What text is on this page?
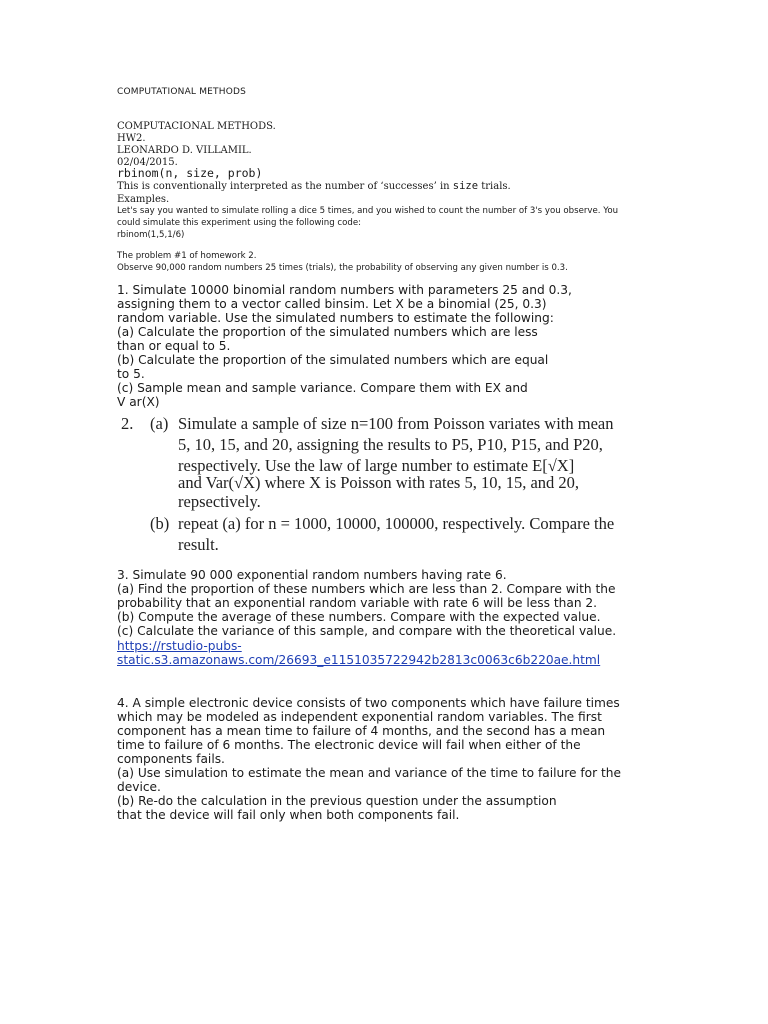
COMPUTATIONAL METHODS
COMPUTACIONAL METHODS.
HW2.
LEONARDO D. VILLAMIL.
02/04/2015.
rbinom(n, size, prob)
This is conventionally interpreted as the number of ‘successes’ in size trials.
Examples.
Let's say you wanted to simulate rolling a dice 5 times, and you wished to count the number of 3's you observe. You
could simulate this experiment using the following code:
rbinom(1,5,1/6)
The problem #1 of homework 2.
Observe 90,000 random numbers 25 times (trials), the probability of observing any given number is 0.3.
1. Simulate 10000 binomial random numbers with parameters 25 and 0.3,
assigning them to a vector called binsim. Let X be a binomial (25, 0.3)
random variable. Use the simulated numbers to estimate the following:
(a) Calculate the proportion of the simulated numbers which are less
than or equal to 5.
(b) Calculate the proportion of the simulated numbers which are equal
to 5.
(c) Sample mean and sample variance. Compare them with EX and
V ar(X)
2. (a) Simulate a sample of size n=100 from Poisson variates with mean
5, 10, 15, and 20, assigning the results to P5, P10, P15, and P20,
respectively. Use the law of large number to estimate E[√X]
and Var(√X) where X is Poisson with rates 5, 10, 15, and 20,
repsectively.
(b) repeat (a) for n = 1000, 10000, 100000, respectively. Compare the
result.
3. Simulate 90 000 exponential random numbers having rate 6.
(a) Find the proportion of these numbers which are less than 2. Compare with the
probability that an exponential random variable with rate 6 will be less than 2.
(b) Compute the average of these numbers. Compare with the expected value.
(c) Calculate the variance of this sample, and compare with the theoretical value.
https://rstudio-pubs-
static.s3.amazonaws.com/26693_e1151035722942b2813c0063c6b220ae.html
4. A simple electronic device consists of two components which have failure times
which may be modeled as independent exponential random variables. The first
component has a mean time to failure of 4 months, and the second has a mean
time to failure of 6 months. The electronic device will fail when either of the
components fails.
(a) Use simulation to estimate the mean and variance of the time to failure for the
device.
(b) Re-do the calculation in the previous question under the assumption
that the device will fail only when both components fail.
